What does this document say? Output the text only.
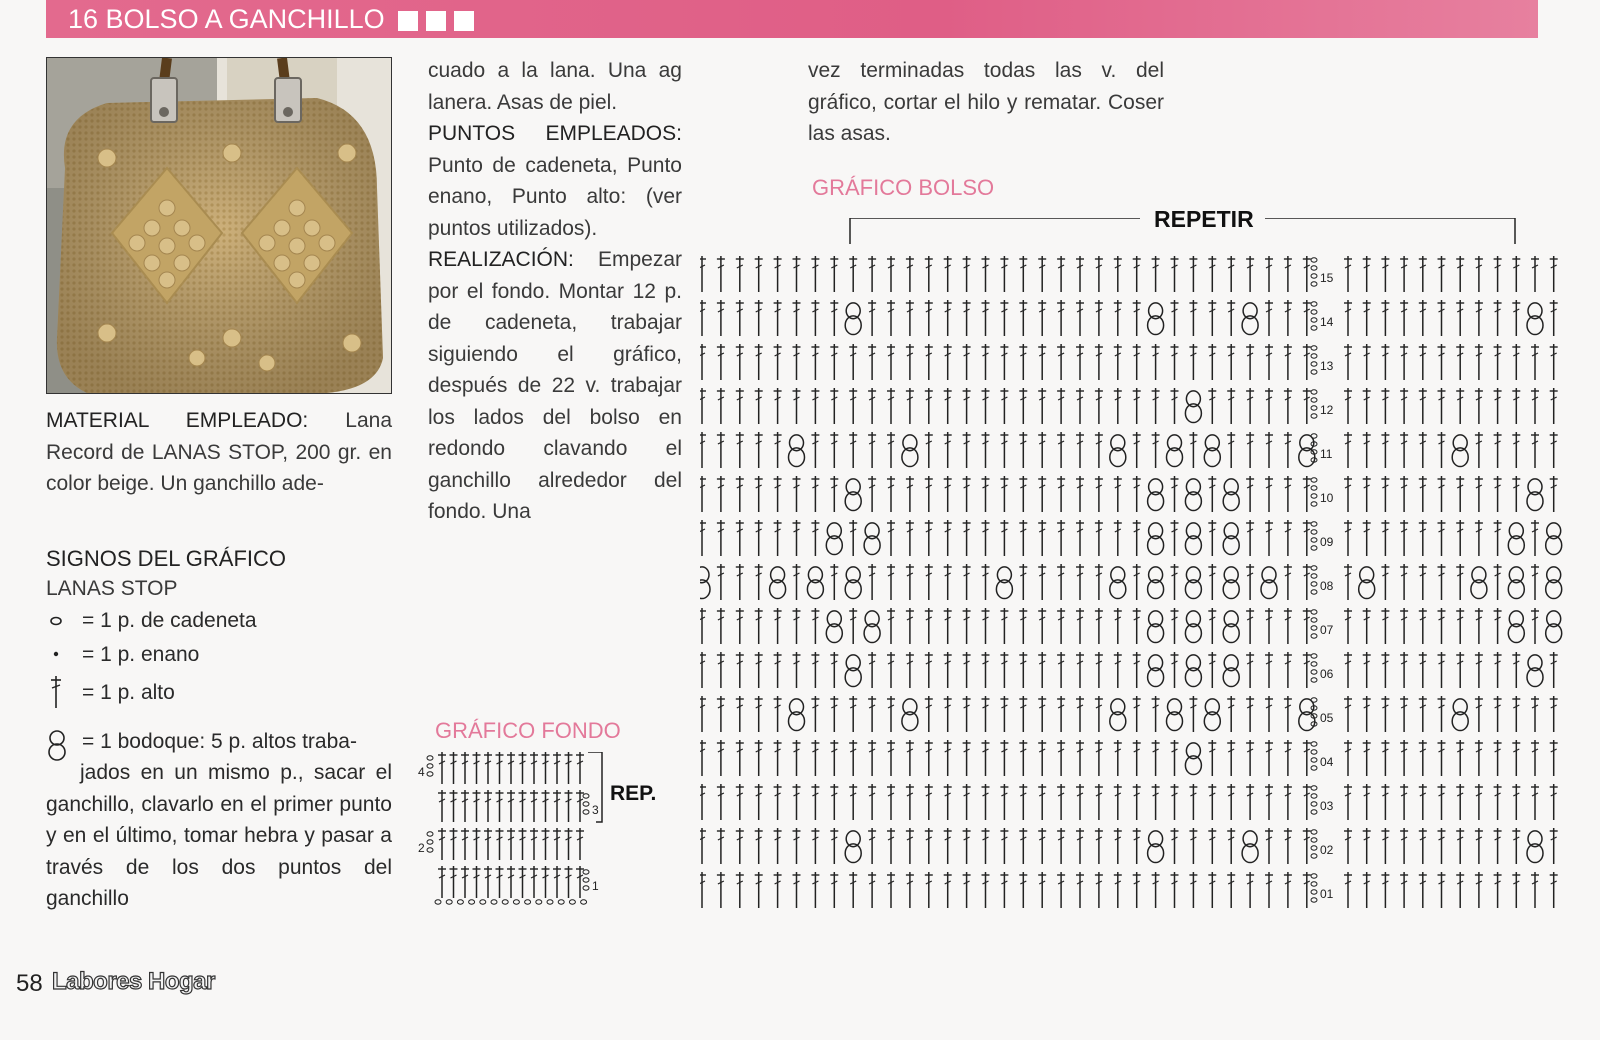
16 BOLSO A GANCHILLO
MATERIAL EMPLEADO: Lana Record de LANAS STOP, 200 gr. en color beige. Un ganchillo ade-
cuado a la lana. Una ag lanera. Asas de piel.
PUNTOS EMPLEADOS: Punto de cadeneta, Punto enano, Punto alto: (ver puntos utilizados).
REALIZACIÓN: Empezar por el fondo. Montar 12 p. de cadeneta, trabajar siguiendo el gráfico, después de 22 v. trabajar los lados del bolso en redondo clavando el ganchillo alrededor del fondo. Una
vez terminadas todas las v. del gráfico, cortar el hilo y rematar. Coser las asas.
SIGNOS DEL GRÁFICO
LANAS STOP
= 1 p. de cadeneta
= 1 p. enano
= 1 p. alto
= 1 bodoque: 5 p. altos traba-
jados en un mismo p., sacar el ganchillo, clavarlo en el primer punto y en el último, tomar hebra y pasar a través de los dos puntos del ganchillo
GRÁFICO FONDO
REP.
4
3
2
1
GRÁFICO BOLSO
REPETIR
15
14
13
12
11
10
09
08
07
06
05
04
03
02
01
58 Labores Hogar
